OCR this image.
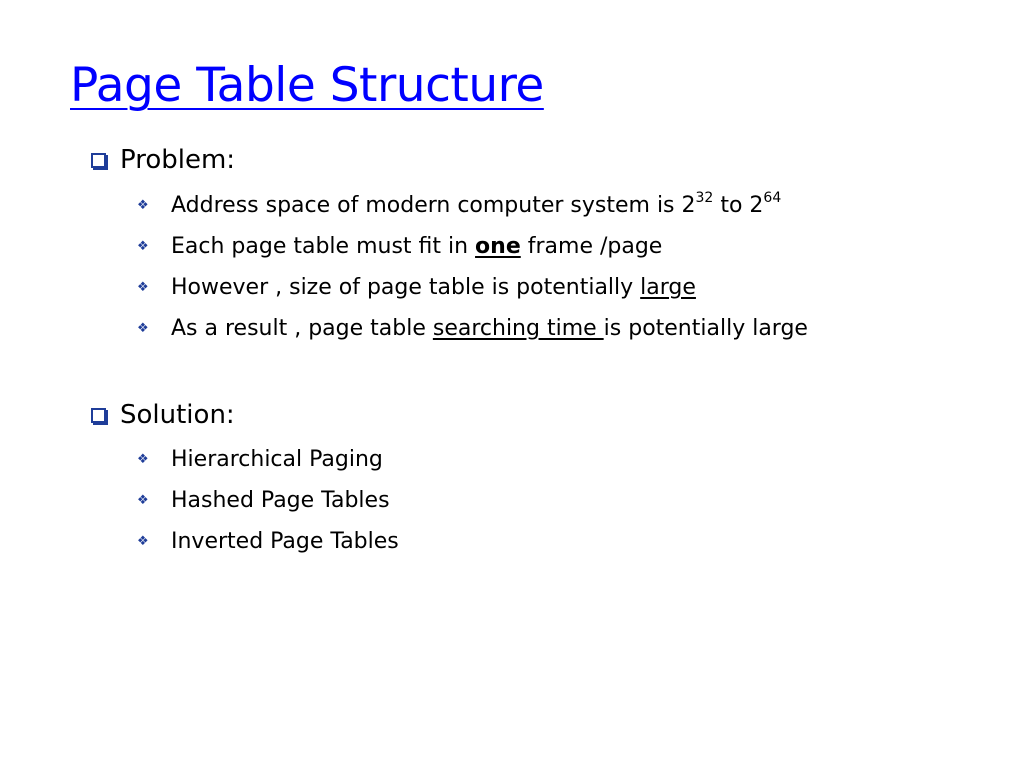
Page Table Structure
Problem:
❖ Address space of modern computer system is $2^{32}$ to $2^{64}$
❖ Each page table must fit in one frame /page
❖ However , size of page table is potentially large
❖ As a result , page table searching time is potentially large
Solution:
❖ Hierarchical Paging
❖ Hashed Page Tables
❖ Inverted Page Tables
